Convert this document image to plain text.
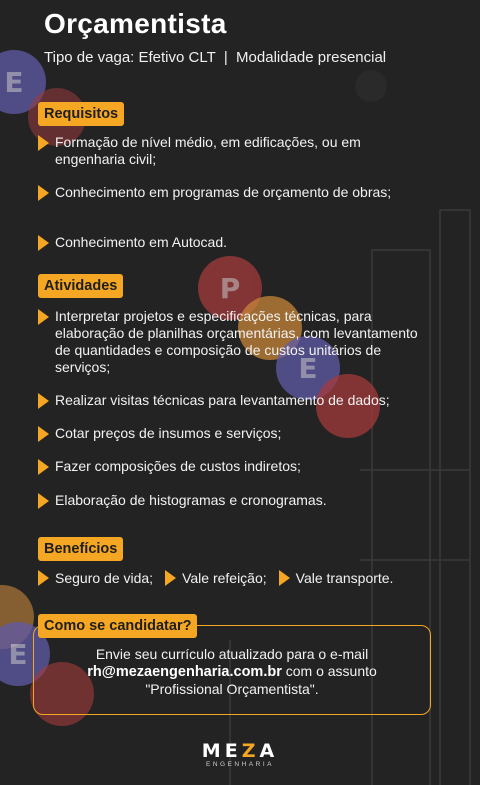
E
P
E
E
Orçamentista
Tipo de vaga: Efetivo CLT  |  Modalidade presencial
Requisitos
Formação de nível médio, em edificações, ou em engenharia civil;
Conhecimento em programas de orçamento de obras;
Conhecimento em Autocad.
Atividades
Interpretar projetos e especificações técnicas, para elaboração de planilhas orçamentárias, com levantamento de quantidades e composição de custos unitários de serviços;
Realizar visitas técnicas para levantamento de dados;
Cotar preços de insumos e serviços;
Fazer composições de custos indiretos;
Elaboração de histogramas e cronogramas.
Benefícios
Seguro de vida; Vale refeição; Vale transporte.
Como se candidatar?
Envie seu currículo atualizado para o e-mail
rh@mezaengenharia.com.br com o assunto
"Profissional Orçamentista".
MEZA
ENGENHARIA
